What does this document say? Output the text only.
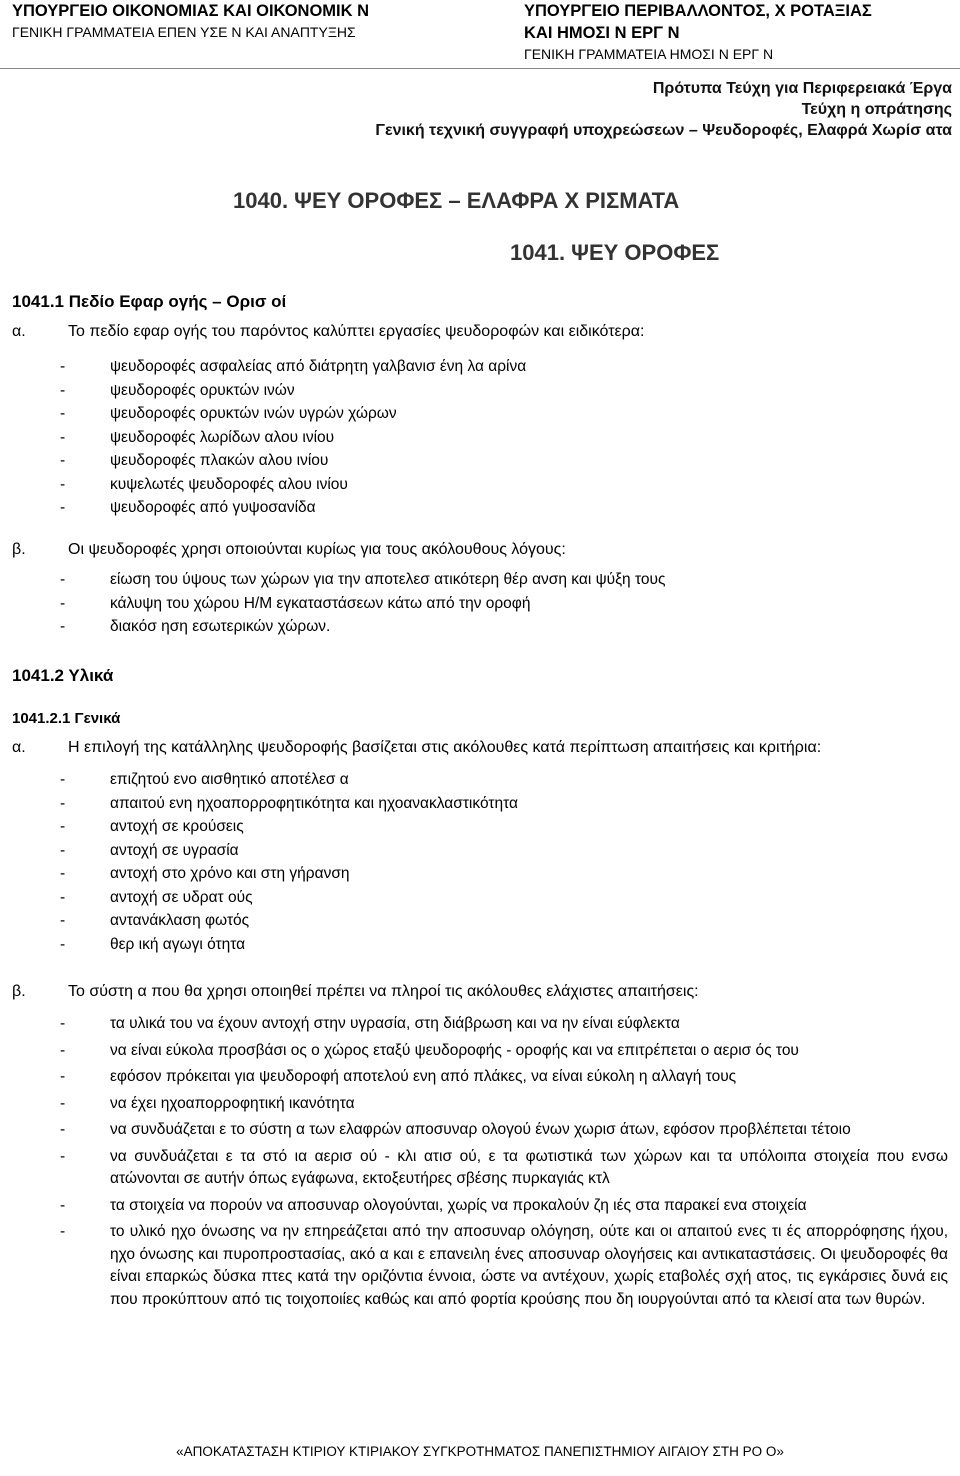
ΥΠΟΥΡΓΕΙΟ ΟΙΚΟΝΟΜΙΑΣ ΚΑΙ ΟΙΚΟΝΟΜΙΚ Ν
ΓΕΝΙΚΗ ΓΡΑΜΜΑΤΕΙΑ ΕΠΕΝ ΥΣΕ Ν ΚΑΙ ΑΝΑΠΤΥΞΗΣ
ΥΠΟΥΡΓΕΙΟ ΠΕΡΙΒΑΛΛΟΝΤΟΣ, Χ ΡΟΤΑΞΙΑΣ
ΚΑΙ ΗΜΟΣΙ Ν ΕΡΓ Ν
ΓΕΝΙΚΗ ΓΡΑΜΜΑΤΕΙΑ ΗΜΟΣΙ Ν ΕΡΓ Ν
Πρότυπα Τεύχη για Περιφερειακά Έργα
Τεύχη η οπράτησης
Γενική τεχνική συγγραφή υποχρεώσεων – Ψευδοροφές, Ελαφρά Χωρίσ ατα
1040. ΨΕΥ ΟΡΟΦΕΣ – ΕΛΑΦΡΑ Χ ΡΙΣΜΑΤΑ
1041. ΨΕΥ ΟΡΟΦΕΣ
1041.1 Πεδίο Εφαρ ογής – Ορισ οί
α.	Το πεδίο εφαρ ογής του παρόντος καλύπτει εργασίες ψευδοροφών και ειδικότερα:
-	ψευδοροφές ασφαλείας από διάτρητη γαλβανισ ένη λα αρίνα
-	ψευδοροφές ορυκτών ινών
-	ψευδοροφές ορυκτών ινών υγρών χώρων
-	ψευδοροφές λωρίδων αλου ινίου
-	ψευδοροφές πλακών αλου ινίου
-	κυψελωτές ψευδοροφές αλου ινίου
-	ψευδοροφές από γυψοσανίδα
β.	Οι ψευδοροφές χρησι οποιούνται κυρίως για τους ακόλουθους λόγους:
-	είωση του ύψους των χώρων για την αποτελεσ ατικότερη θέρ ανση και ψύξη τους
-	κάλυψη του χώρου Η/Μ εγκαταστάσεων κάτω από την οροφή
-	διακόσ ηση εσωτερικών χώρων.
1041.2 Υλικά
1041.2.1 Γενικά
α.	Η επιλογή της κατάλληλης ψευδοροφής βασίζεται στις ακόλουθες κατά περίπτωση απαιτήσεις και κριτήρια:
-	επιζητού ενο αισθητικό αποτέλεσ α
-	απαιτού ενη ηχοαπορροφητικότητα και ηχοανακλαστικότητα
-	αντοχή σε κρούσεις
-	αντοχή σε υγρασία
-	αντοχή στο χρόνο και στη γήρανση
-	αντοχή σε υδρατ ούς
-	αντανάκλαση φωτός
-	θερ ική αγωγι ότητα
β.	Το σύστη α που θα χρησι οποιηθεί πρέπει να πληροί τις ακόλουθες ελάχιστες απαιτήσεις:
-	τα υλικά του να έχουν αντοχή στην υγρασία, στη διάβρωση και να ην είναι εύφλεκτα
-	να είναι εύκολα προσβάσι ος ο χώρος εταξύ ψευδοροφής - οροφής και να επιτρέπεται ο αερισ ός του
-	εφόσον πρόκειται για ψευδοροφή αποτελού ενη από πλάκες, να είναι εύκολη η αλλαγή τους
-	να έχει ηχοαπορροφητική ικανότητα
-	να συνδυάζεται ε το σύστη α των ελαφρών αποσυναρ ολογού ένων χωρισ άτων, εφόσον προβλέπεται τέτοιο
-	να συνδυάζεται ε τα στό ια αερισ ού - κλι ατισ ού, ε τα φωτιστικά των χώρων και τα υπόλοιπα στοιχεία που ενσω ατώνονται σε αυτήν όπως εγάφωνα, εκτοξευτήρες σβέσης πυρκαγιάς κτλ
-	τα στοιχεία να πορούν να αποσυναρ ολογούνται, χωρίς να προκαλούν ζη ιές στα παρακεί ενα στοιχεία
-	το υλικό ηχο όνωσης να ην επηρεάζεται από την αποσυναρ ολόγηση, ούτε και οι απαιτού ενες τι ές απορρόφησης ήχου, ηχο όνωσης και πυροπροστασίας, ακό α και ε επανειλη ένες αποσυναρ ολογήσεις και αντικαταστάσεις. Οι ψευδοροφές θα είναι επαρκώς δύσκα πτες κατά την οριζόντια έννοια, ώστε να αντέχουν, χωρίς εταβολές σχή ατος, τις εγκάρσιες δυνά εις που προκύπτουν από τις τοιχοποιίες καθώς και από φορτία κρούσης που δη ιουργούνται από τα κλεισί ατα των θυρών.
«ΑΠΟΚΑΤΑΣΤΑΣΗ ΚΤΙΡΙΟΥ ΚΤΙΡΙΑΚΟΥ ΣΥΓΚΡΟΤΗΜΑΤΟΣ ΠΑΝΕΠΙΣΤΗΜΙΟΥ ΑΙΓΑΙΟΥ ΣΤΗ ΡΟ Ο»
